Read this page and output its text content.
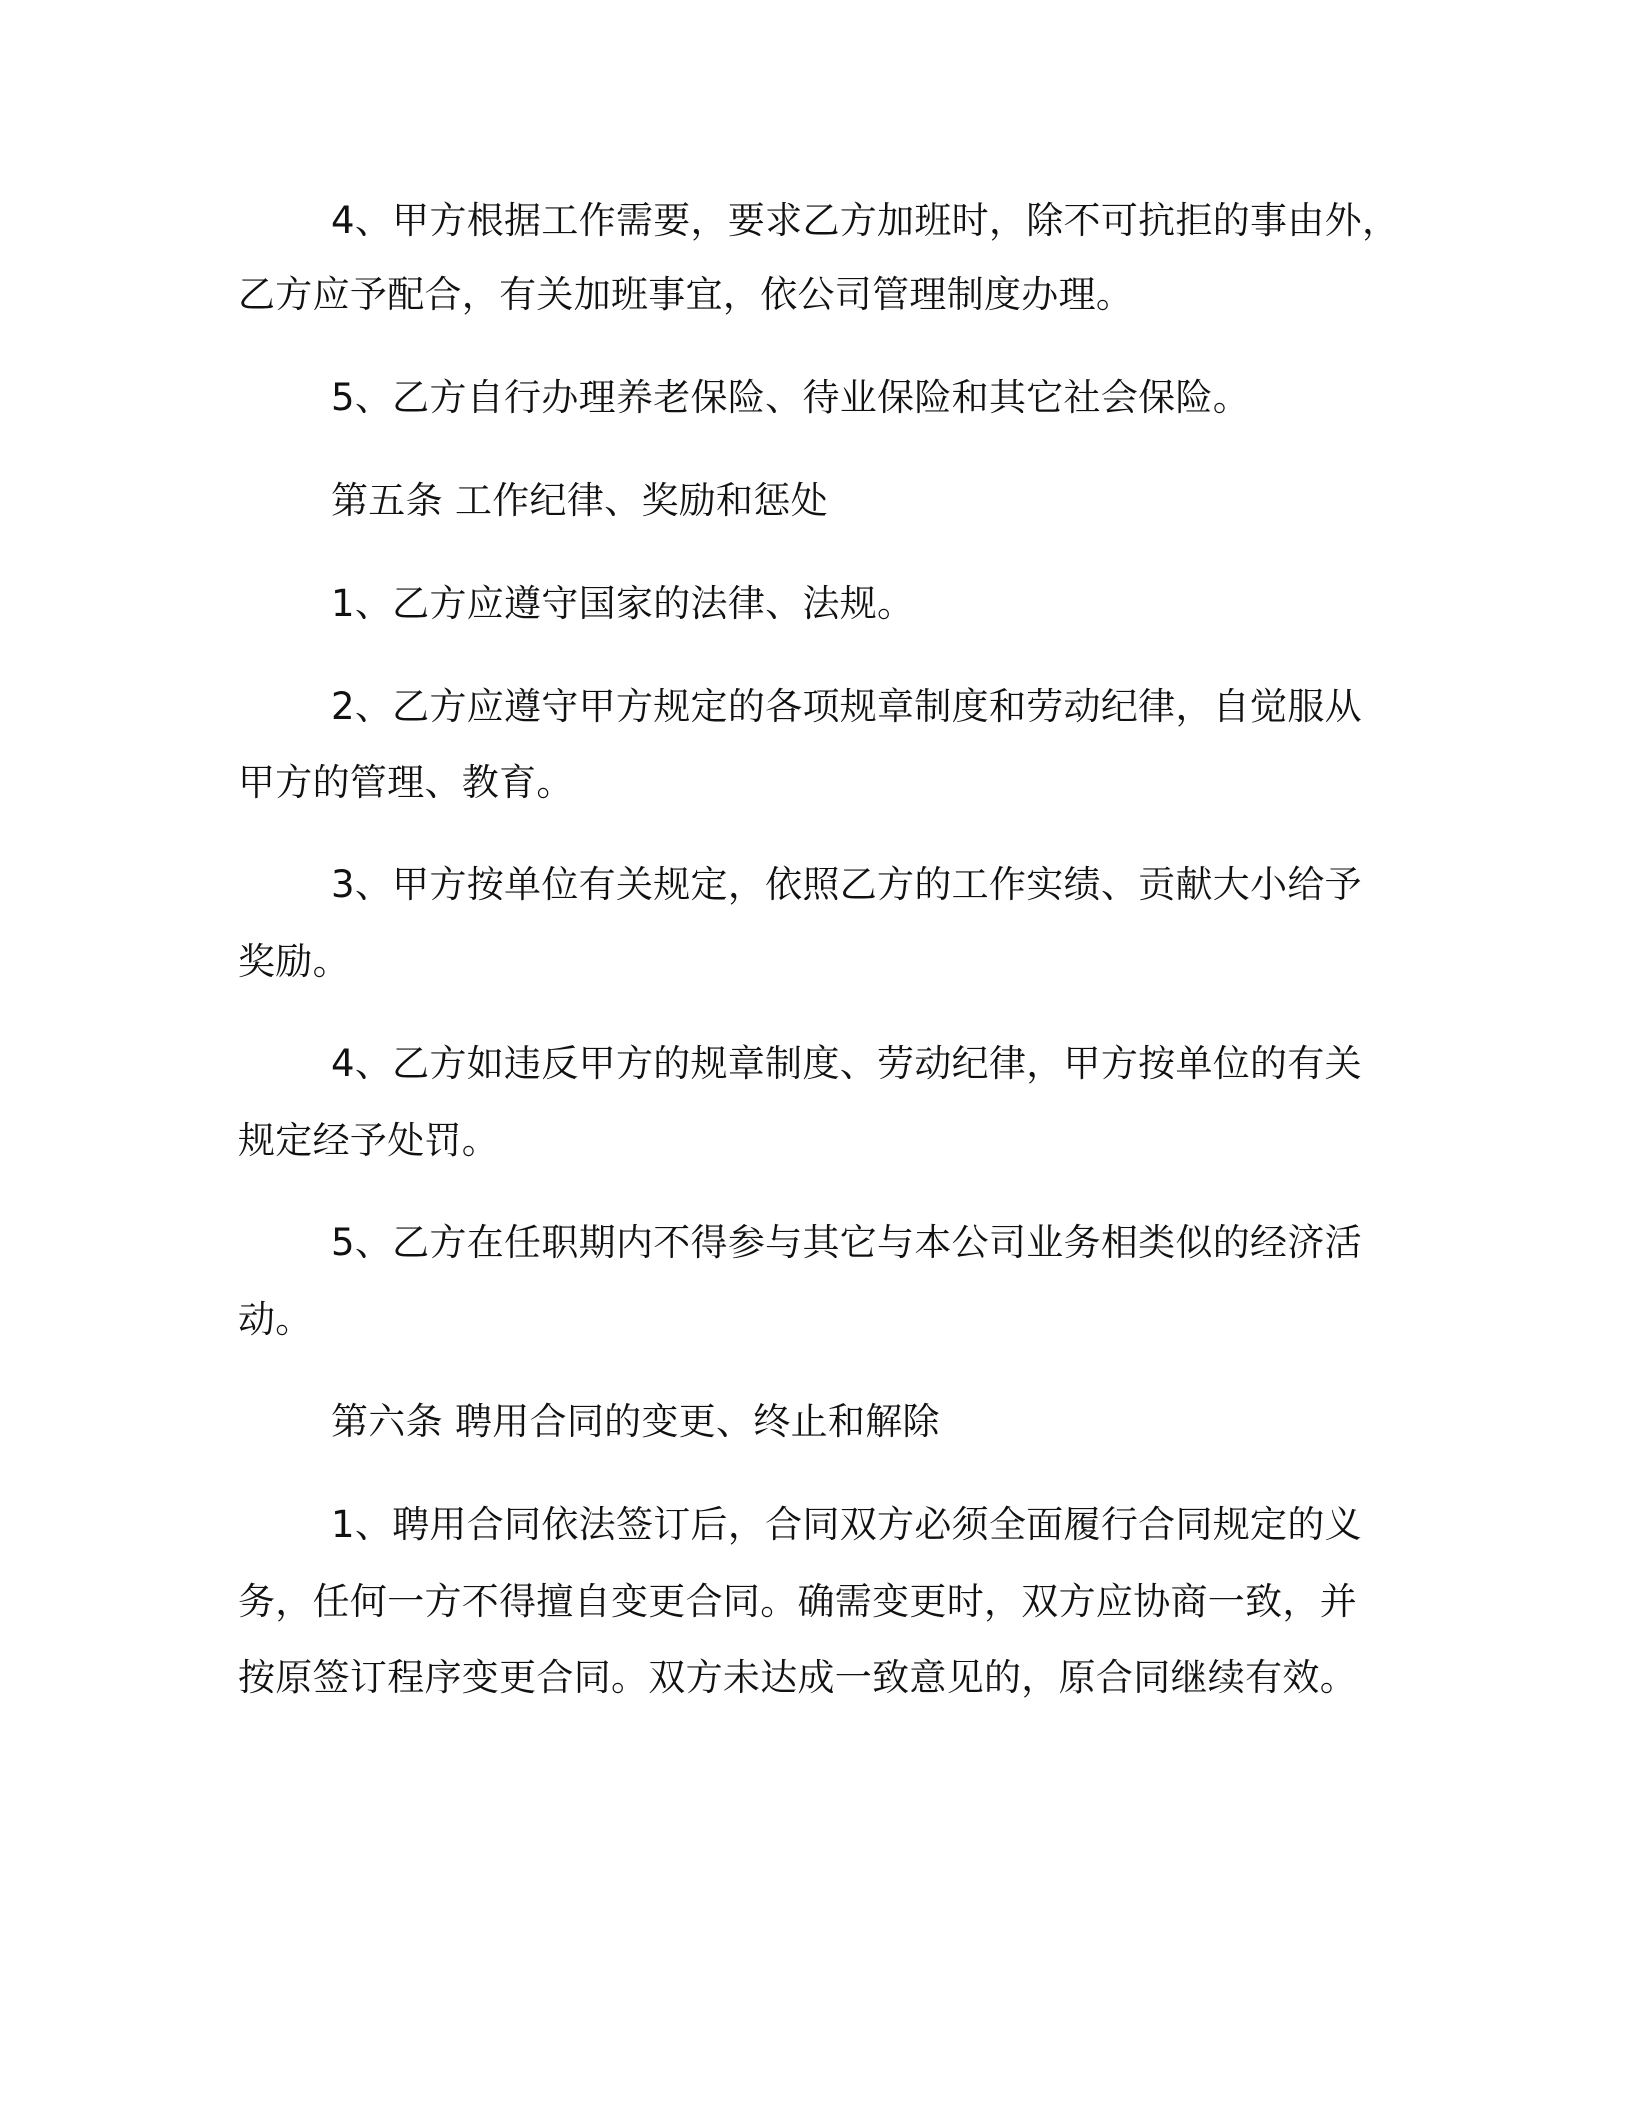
4、甲方根据工作需要，要求乙方加班时，除不可抗拒的事由外，

乙方应予配合，有关加班事宜，依公司管理制度办理。

5、乙方自行办理养老保险、待业保险和其它社会保险。

第五条 工作纪律、奖励和惩处

1、乙方应遵守国家的法律、法规。

2、乙方应遵守甲方规定的各项规章制度和劳动纪律，自觉服从

甲方的管理、教育。

3、甲方按单位有关规定，依照乙方的工作实绩、贡献大小给予

奖励。

4、乙方如违反甲方的规章制度、劳动纪律，甲方按单位的有关

规定经予处罚。

5、乙方在任职期内不得参与其它与本公司业务相类似的经济活

动。

第六条 聘用合同的变更、终止和解除

1、聘用合同依法签订后，合同双方必须全面履行合同规定的义

务，任何一方不得擅自变更合同。确需变更时，双方应协商一致，并

按原签订程序变更合同。双方未达成一致意见的，原合同继续有效。
